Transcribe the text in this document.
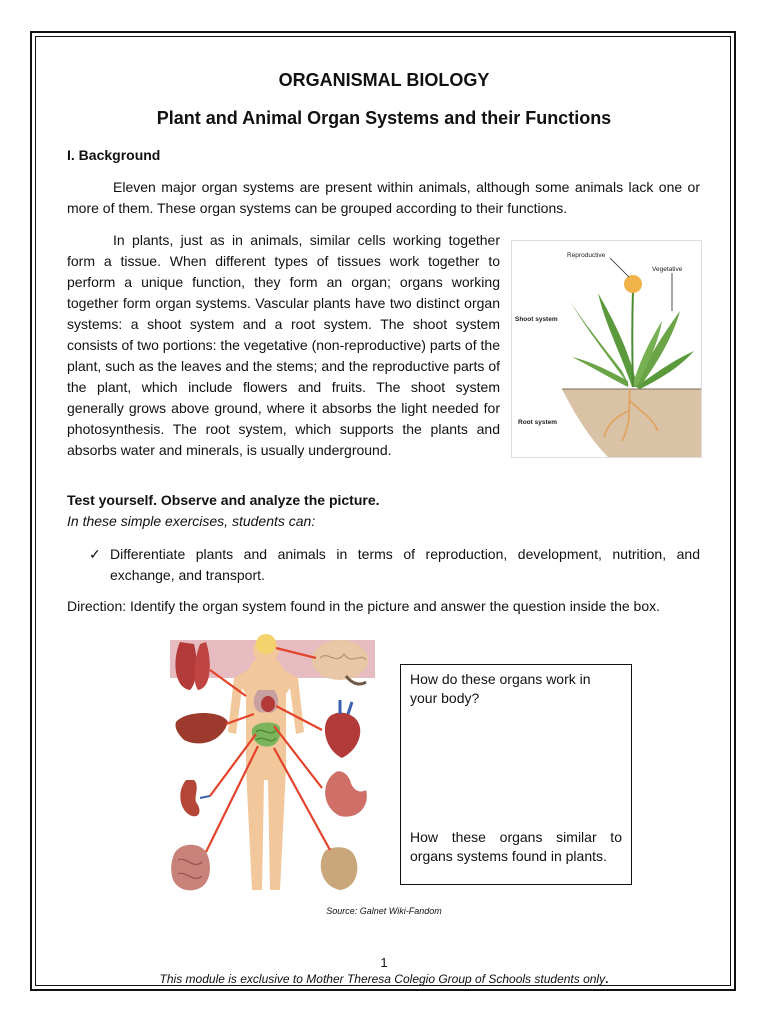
ORGANISMAL BIOLOGY
Plant and Animal Organ Systems and their Functions
I. Background
Eleven major organ systems are present within animals, although some animals lack one or more of them. These organ systems can be grouped according to their functions.
In plants, just as in animals, similar cells working together form a tissue. When different types of tissues work together to perform a unique function, they form an organ; organs working together form organ systems. Vascular plants have two distinct organ systems: a shoot system and a root system. The shoot system consists of two portions: the vegetative (non-reproductive) parts of the plant, such as the leaves and the stems; and the reproductive parts of the plant, which include flowers and fruits. The shoot system generally grows above ground, where it absorbs the light needed for photosynthesis. The root system, which supports the plants and absorbs water and minerals, is usually underground.
Reproductive
Vegetative
Shoot system
Root system
Test yourself. Observe and analyze the picture.
In these simple exercises, students can:
✓ Differentiate plants and animals in terms of reproduction, development, nutrition, and exchange, and transport.
Direction: Identify the organ system found in the picture and answer the question inside the box.
How do these organs work in your body?
How these organs similar to organs systems found in plants.
Source: Galnet Wiki-Fandom
1
This module is exclusive to Mother Theresa Colegio Group of Schools students only.
